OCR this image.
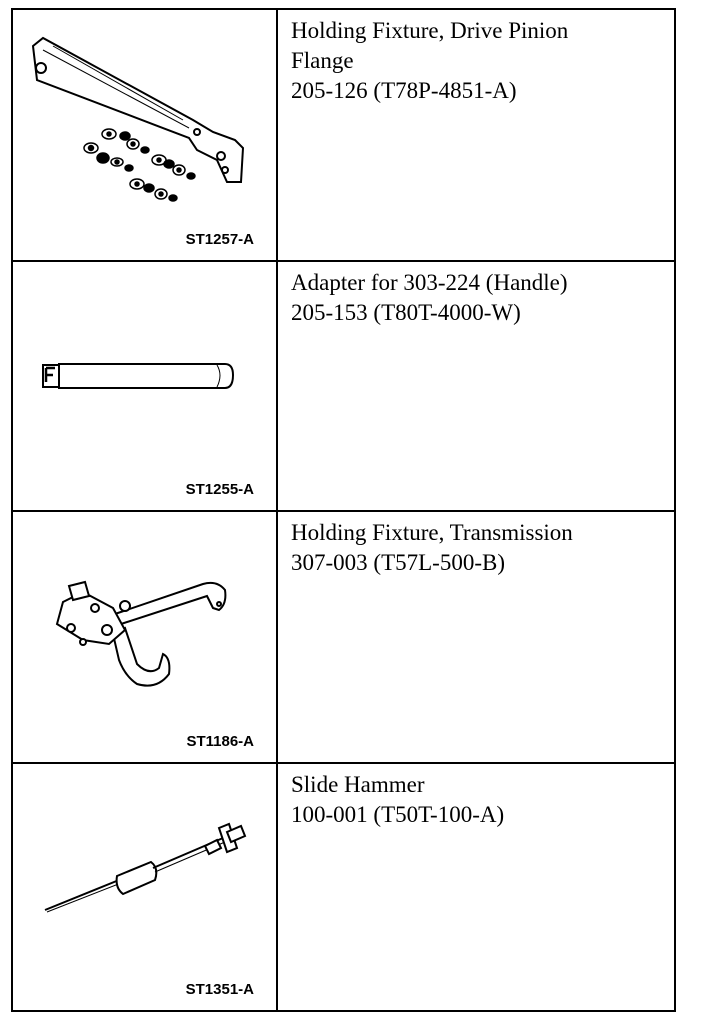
ST1257-A
Holding Fixture, Drive Pinion
Flange
205-126 (T78P-4851-A)
ST1255-A
Adapter for 303-224 (Handle)
205-153 (T80T-4000-W)
ST1186-A
Holding Fixture, Transmission
307-003 (T57L-500-B)
ST1351-A
Slide Hammer
100-001 (T50T-100-A)
